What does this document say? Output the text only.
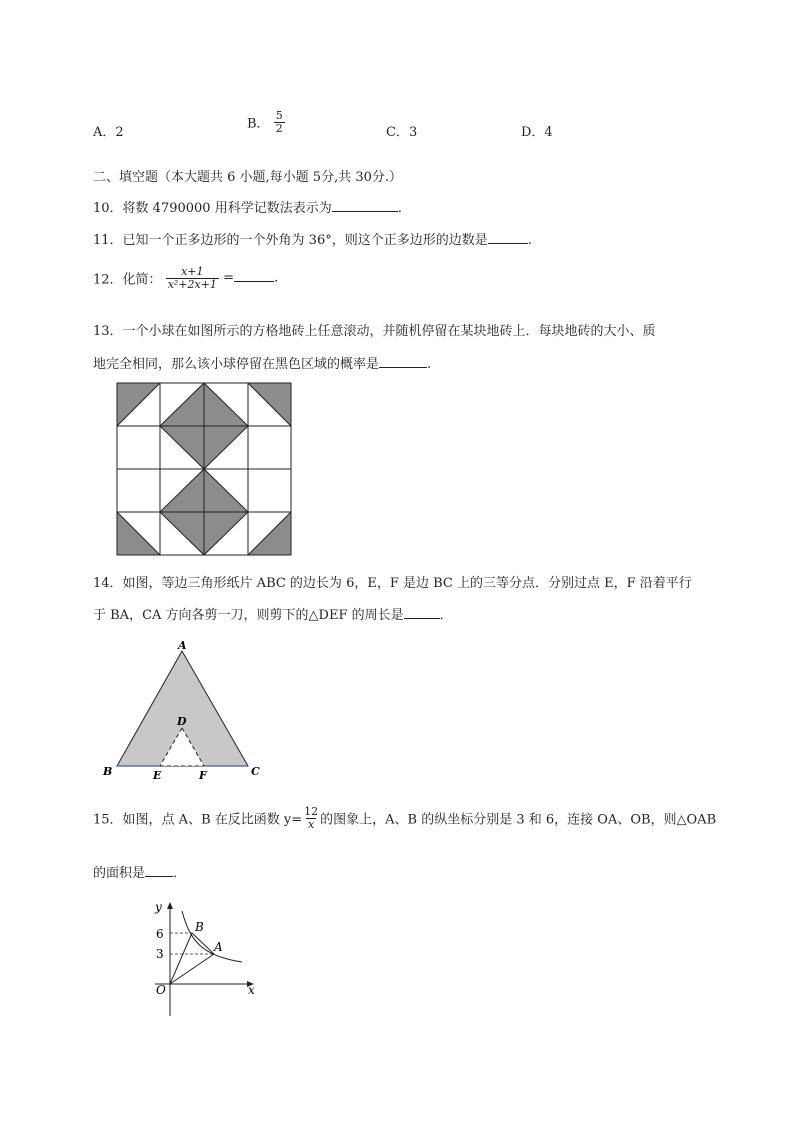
A．2
B． $\frac{5}{2}$	C．3	D．4
二、填空题（本大题共 6 小题,每小题 5分,共 30分.）
10．将数 4790000 用科学记数法表示为	.
11．已知一个正多边形的一个外角为 36°，则这个正多边形的边数是	.
12．化简： $\frac{x+1}{\text{x²+2x+1}}$ =	.
13．一个小球在如图所示的方格地砖上任意滚动，并随机停留在某块地砖上．每块地砖的大小、质
地完全相同，那么该小球停留在黑色区域的概率是	.
14．如图，等边三角形纸片 ABC 的边长为 6，E，F 是边 BC 上的三等分点．分别过点 E，F 沿着平行
于 BA，CA 方向各剪一刀，则剪下的△DEF 的周长是	．
A
B	C
D
E	F
15．如图，点 A、B 在反比函数 $y= \frac{12}{x}$ 的图象上，A、B 的纵坐标分别是 3 和 6，连接 OA、OB，则△OAB
的面积是 ．
y
x
O
6
3
B
A
